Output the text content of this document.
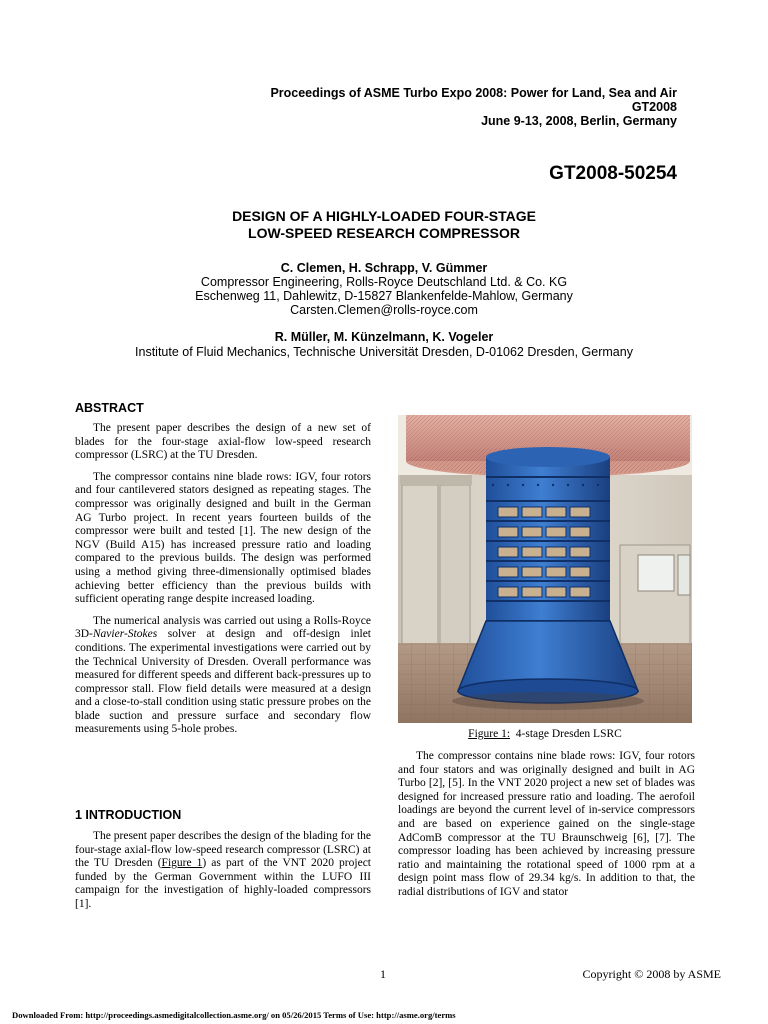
Proceedings of ASME Turbo Expo 2008: Power for Land, Sea and Air
GT2008
June 9-13, 2008, Berlin, Germany
GT2008-50254
DESIGN OF A HIGHLY-LOADED FOUR-STAGE
LOW-SPEED RESEARCH COMPRESSOR
C. Clemen, H. Schrapp, V. Gümmer
Compressor Engineering, Rolls-Royce Deutschland Ltd. & Co. KG
Eschenweg 11, Dahlewitz, D-15827 Blankenfelde-Mahlow, Germany
Carsten.Clemen@rolls-royce.com
R. Müller, M. Künzelmann, K. Vogeler
Institute of Fluid Mechanics, Technische Universität Dresden, D-01062 Dresden, Germany
ABSTRACT

The present paper describes the design of a new set of blades for the four-stage axial-flow low-speed research compressor (LSRC) at the TU Dresden.

The compressor contains nine blade rows: IGV, four rotors and four cantilevered stators designed as repeating stages. The compressor was originally designed and built in the German AG Turbo project. In recent years fourteen builds of the compressor were built and tested [1]. The new design of the NGV (Build A15) has increased pressure ratio and loading compared to the previous builds. The design was performed using a method giving three-dimensionally optimised blades achieving better efficiency than the previous builds with sufficient operating range despite increased loading.

The numerical analysis was carried out using a Rolls-Royce 3D-Navier-Stokes solver at design and off-design inlet conditions. The experimental investigations were carried out by the Technical University of Dresden. Overall performance was measured for different speeds and different back-pressures up to compressor stall. Flow field details were measured at a design and a close-to-stall condition using static pressure probes on the blade suction and pressure surface and secondary flow measurements using 5-hole probes.

1 INTRODUCTION

The present paper describes the design of the blading for the four-stage axial-flow low-speed research compressor (LSRC) at the TU Dresden (Figure 1) as part of the VNT 2020 project funded by the German Government within the LUFO III campaign for the investigation of highly-loaded compressors [1].

Figure 1: 4-stage Dresden LSRC

The compressor contains nine blade rows: IGV, four rotors and four stators and was originally designed and built in AG Turbo [2], [5]. In the VNT 2020 project a new set of blades was designed for increased pressure ratio and loading. The aerofoil loadings are beyond the current level of in-service compressors and are based on experience gained on the single-stage AdComB compressor at the TU Braunschweig [6], [7]. The compressor loading has been achieved by increasing pressure ratio and maintaining the rotational speed of 1000 rpm at a design point mass flow of 29.34 kg/s. In addition to that, the radial distributions of IGV and stator

1	Copyright © 2008 by ASME
Downloaded From: http://proceedings.asmedigitalcollection.asme.org/ on 05/26/2015 Terms of Use: http://asme.org/terms
